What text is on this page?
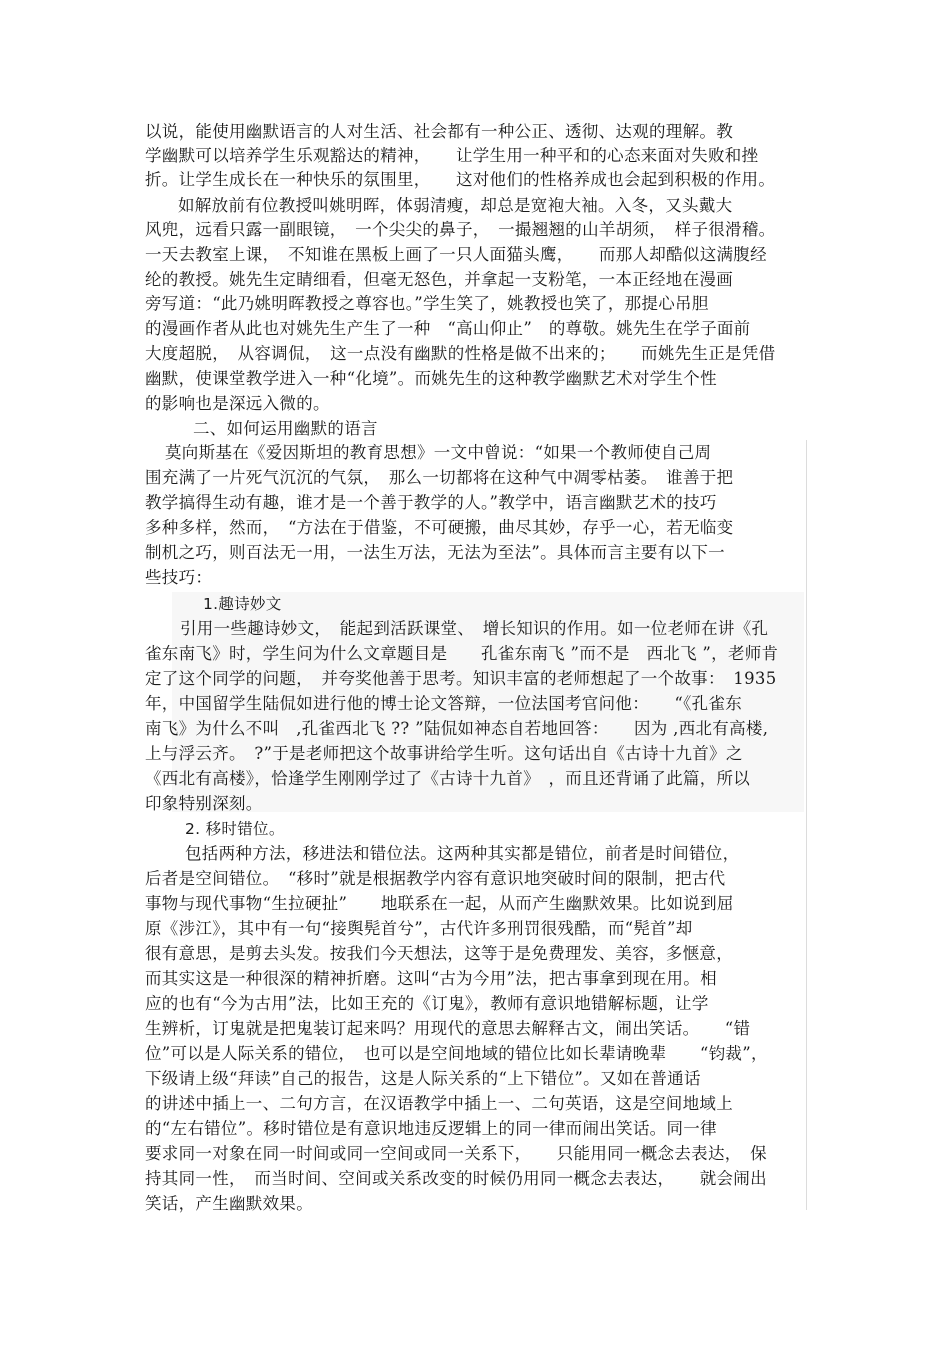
以说，能使用幽默语言的人对生活、社会都有一种公正、透彻、达观的理解。教
学幽默可以培养学生乐观豁达的精神，　　让学生用一种平和的心态来面对失败和挫
折。让学生成长在一种快乐的氛围里，　　这对他们的性格养成也会起到积极的作用。
如解放前有位教授叫姚明晖，体弱清瘦，却总是宽袍大袖。入冬，又头戴大
风兜，远看只露一副眼镜，　一个尖尖的鼻子，　一撮翘翘的山羊胡须，　样子很滑稽。
一天去教室上课，　不知谁在黑板上画了一只人面猫头鹰，　　而那人却酷似这满腹经
纶的教授。姚先生定睛细看，但毫无怒色，并拿起一支粉笔，一本正经地在漫画
旁写道：“此乃姚明晖教授之尊容也。”学生笑了，姚教授也笑了，那提心吊胆
的漫画作者从此也对姚先生产生了一种　“高山仰止”　的尊敬。姚先生在学子面前
大度超脱，　从容调侃，　这一点没有幽默的性格是做不出来的；　　而姚先生正是凭借
幽默，使课堂教学进入一种“化境”。而姚先生的这种教学幽默艺术对学生个性
的影响也是深远入微的。
二、如何运用幽默的语言
莫向斯基在《爱因斯坦的教育思想》一文中曾说：“如果一个教师使自己周
围充满了一片死气沉沉的气氛，　那么一切都将在这种气中凋零枯萎。　谁善于把
教学搞得生动有趣，谁才是一个善于教学的人。”教学中，语言幽默艺术的技巧
多种多样，然而，　“方法在于借鉴，不可硬搬，曲尽其妙，存乎一心，若无临变
制机之巧，则百法无一用，一法生万法，无法为至法”。具体而言主要有以下一
些技巧：
1.趣诗妙文
引用一些趣诗妙文，　能起到活跃课堂、　增长知识的作用。如一位老师在讲《孔
雀东南飞》时，学生问为什么文章题目是　　孔雀东南飞 ”而不是　西北飞 ”，老师肯
定了这个同学的问题，　并夸奖他善于思考。知识丰富的老师想起了一个故事：　1935
年，中国留学生陆侃如进行他的博士论文答辩，一位法国考官问他：　　“《孔雀东
南飞》为什么不叫　,孔雀西北飞 ?? ”陆侃如神态自若地回答：　　因为 ,西北有高楼,
上与浮云齐。　?”于是老师把这个故事讲给学生听。这句话出自《古诗十九首》之
《西北有高楼》，恰逢学生刚刚学过了《古诗十九首》　，而且还背诵了此篇，所以
印象特别深刻。
2. 移时错位。
包括两种方法，移进法和错位法。这两种其实都是错位，前者是时间错位，
后者是空间错位。　“移时”就是根据教学内容有意识地突破时间的限制，把古代
事物与现代事物“生拉硬扯”　　地联系在一起，从而产生幽默效果。比如说到屈
原《涉江》，其中有一句“接舆髡首兮”，古代许多刑罚很残酷，而“髡首”却
很有意思，是剪去头发。按我们今天想法，这等于是免费理发、美容，多惬意，
而其实这是一种很深的精神折磨。这叫“古为今用”法，把古事拿到现在用。相
应的也有“今为古用”法，比如王充的《订鬼》，教师有意识地错解标题，让学
生辨析，订鬼就是把鬼装订起来吗？用现代的意思去解释古文，闹出笑话。　　“错
位”可以是人际关系的错位，　也可以是空间地域的错位比如长辈请晚辈　　“钧裁”，
下级请上级“拜读”自己的报告，这是人际关系的“上下错位”。又如在普通话
的讲述中插上一、二句方言，在汉语教学中插上一、二句英语，这是空间地域上
的“左右错位”。移时错位是有意识地违反逻辑上的同一律而闹出笑话。同一律
要求同一对象在同一时间或同一空间或同一关系下，　　只能用同一概念去表达，　保
持其同一性，　而当时间、空间或关系改变的时候仍用同一概念去表达，　　就会闹出
笑话，产生幽默效果。
